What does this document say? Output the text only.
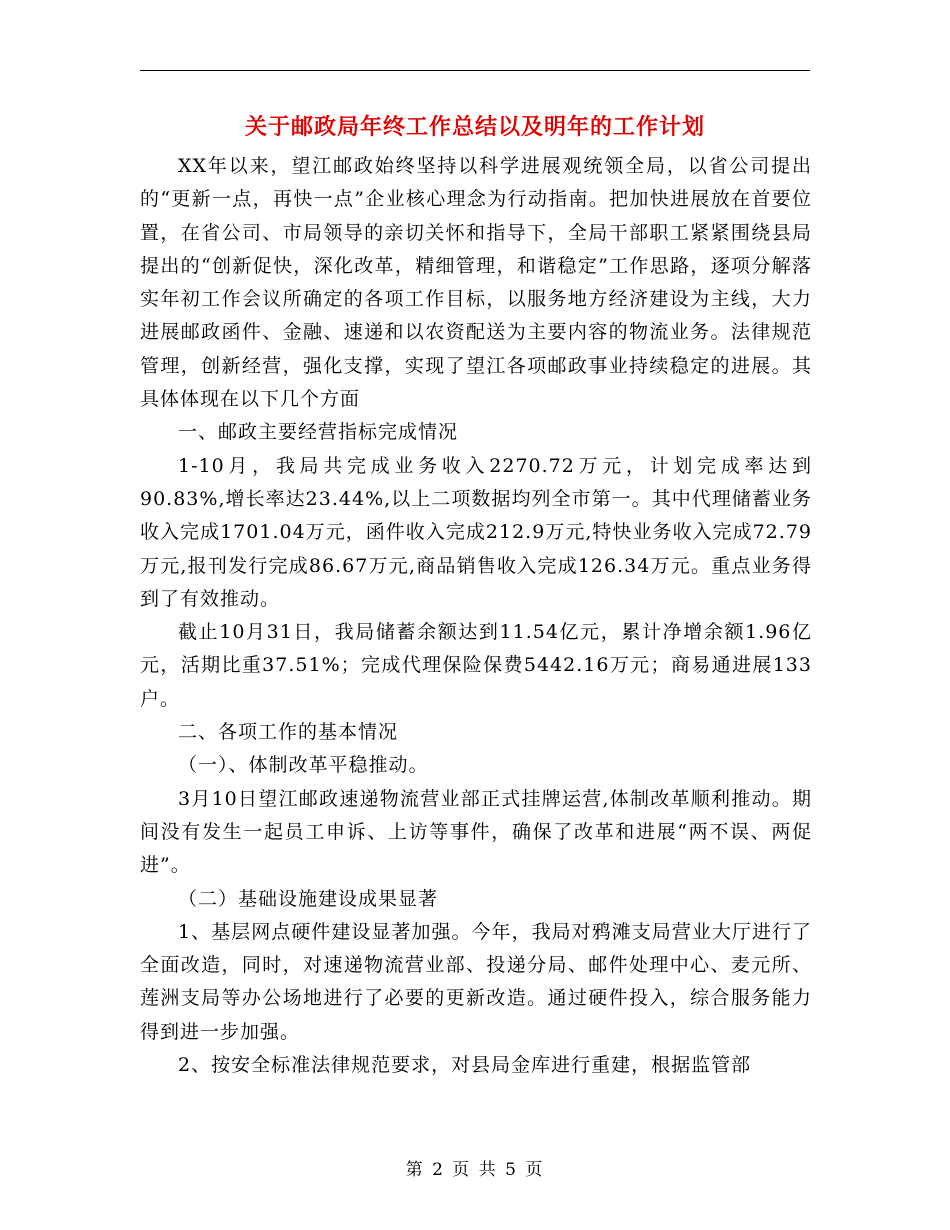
关于邮政局年终工作总结以及明年的工作计划

XX年以来，望江邮政始终坚持以科学进展观统领全局，以省公司提出的“更新一点，再快一点”企业核心理念为行动指南。把加快进展放在首要位置，在省公司、市局领导的亲切关怀和指导下，全局干部职工紧紧围绕县局提出的“创新促快，深化改革，精细管理，和谐稳定”工作思路，逐项分解落实年初工作会议所确定的各项工作目标，以服务地方经济建设为主线，大力进展邮政函件、金融、速递和以农资配送为主要内容的物流业务。法律规范管理，创新经营，强化支撑，实现了望江各项邮政事业持续稳定的进展。其具体体现在以下几个方面

一、邮政主要经营指标完成情况

1-10月，我局共完成业务收入2270.72万元，计划完成率达到90.83%,增长率达23.44%,以上二项数据均列全市第一。其中代理储蓄业务收入完成1701.04万元，函件收入完成212.9万元,特快业务收入完成72.79万元,报刊发行完成86.67万元,商品销售收入完成126.34万元。重点业务得到了有效推动。

截止10月31日，我局储蓄余额达到11.54亿元，累计净增余额1.96亿元，活期比重37.51%；完成代理保险保费5442.16万元；商易通进展133户。

二、各项工作的基本情况

（一）、体制改革平稳推动。

3月10日望江邮政速递物流营业部正式挂牌运营,体制改革顺利推动。期间没有发生一起员工申诉、上访等事件，确保了改革和进展“两不误、两促进”。

（二）基础设施建设成果显著

1、基层网点硬件建设显著加强。今年，我局对鸦滩支局营业大厅进行了全面改造，同时，对速递物流营业部、投递分局、邮件处理中心、麦元所、莲洲支局等办公场地进行了必要的更新改造。通过硬件投入，综合服务能力得到进一步加强。

2、按安全标准法律规范要求，对县局金库进行重建，根据监管部

第 2 页 共 5 页
